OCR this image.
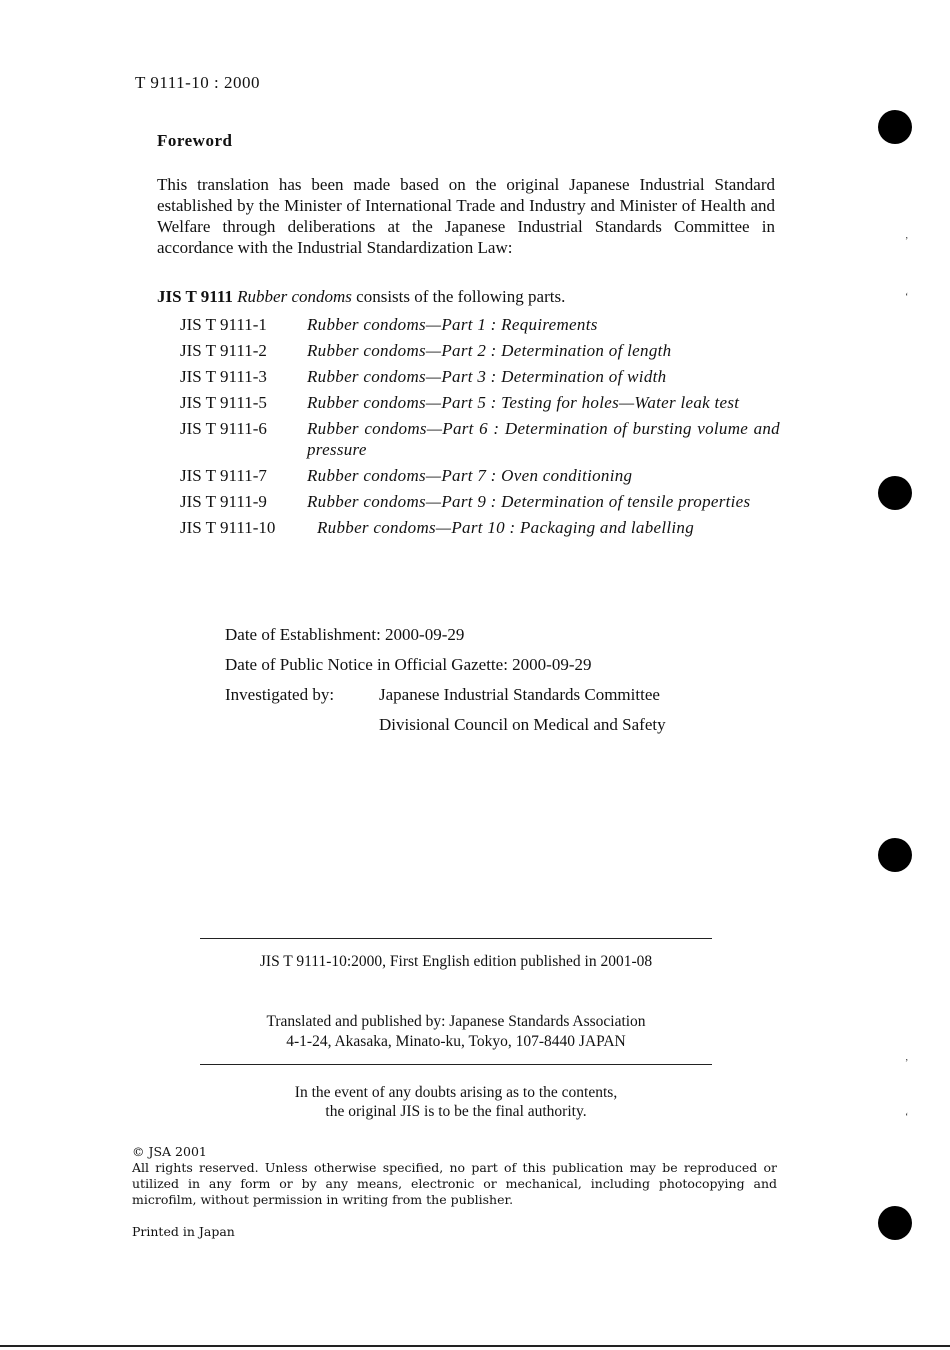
T 9111-10 : 2000
Foreword
This translation has been made based on the original Japanese Industrial Standard established by the Minister of International Trade and Industry and Minister of Health and Welfare through deliberations at the Japanese Industrial Standards Committee in accordance with the Industrial Standardization Law:
JIS T 9111 Rubber condoms consists of the following parts.
JIS T 9111-1	Rubber condoms—Part 1 : Requirements
JIS T 9111-2	Rubber condoms—Part 2 : Determination of length
JIS T 9111-3	Rubber condoms—Part 3 : Determination of width
JIS T 9111-5	Rubber condoms—Part 5 : Testing for holes—Water leak test
JIS T 9111-6	Rubber condoms—Part 6 : Determination of bursting volume and pressure
JIS T 9111-7	Rubber condoms—Part 7 : Oven conditioning
JIS T 9111-9	Rubber condoms—Part 9 : Determination of tensile properties
JIS T 9111-10	Rubber condoms—Part 10 : Packaging and labelling
Date of Establishment: 2000-09-29
Date of Public Notice in Official Gazette: 2000-09-29
Investigated by:	Japanese Industrial Standards Committee
Divisional Council on Medical and Safety
JIS T 9111-10:2000, First English edition published in 2001-08
Translated and published by: Japanese Standards Association
4-1-24, Akasaka, Minato-ku, Tokyo, 107-8440 JAPAN
In the event of any doubts arising as to the contents,
the original JIS is to be the final authority.
© JSA 2001
All rights reserved. Unless otherwise specified, no part of this publication may be reproduced or utilized in any form or by any means, electronic or mechanical, including photocopying and microfilm, without permission in writing from the publisher.
Printed in Japan
’
‘
’
‘
